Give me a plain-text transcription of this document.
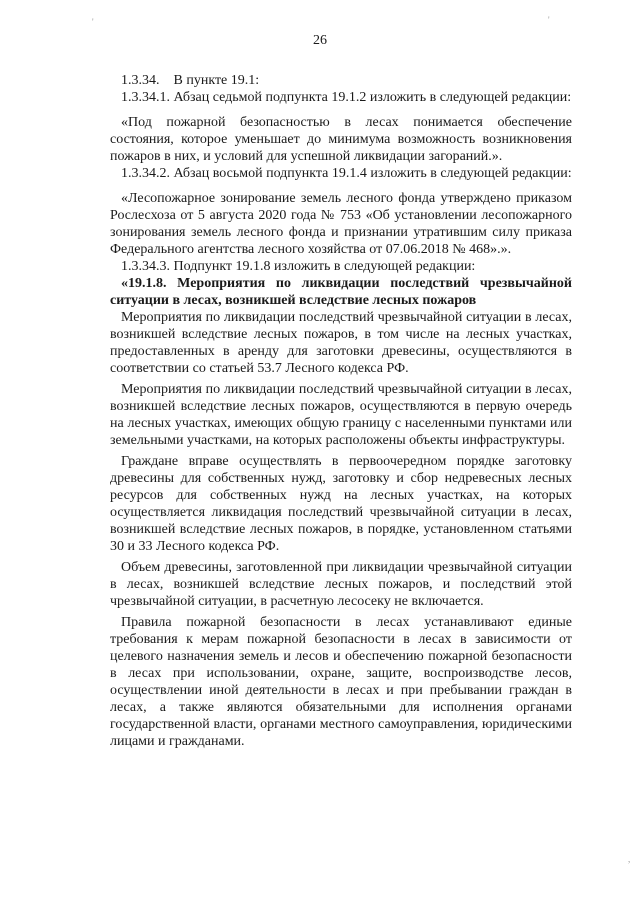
26

1.3.34.    В пункте 19.1:

1.3.34.1. Абзац седьмой подпункта 19.1.2 изложить в следующей редакции:

«Под пожарной безопасностью в лесах понимается обеспечение состояния, которое уменьшает до минимума возможность возникновения пожаров в них, и условий для успешной ликвидации загораний.».

1.3.34.2. Абзац восьмой подпункта 19.1.4 изложить в следующей редакции:

«Лесопожарное зонирование земель лесного фонда утверждено приказом Рослесхоза от 5 августа 2020 года № 753 «Об установлении лесопожарного зонирования земель лесного фонда и признании утратившим силу приказа Федерального агентства лесного хозяйства от 07.06.2018 № 468».».

1.3.34.3. Подпункт 19.1.8 изложить в следующей редакции:

«19.1.8. Мероприятия по ликвидации последствий чрезвычайной ситуации в лесах, возникшей вследствие лесных пожаров

Мероприятия по ликвидации последствий чрезвычайной ситуации в лесах, возникшей вследствие лесных пожаров, в том числе на лесных участках, предоставленных в аренду для заготовки древесины, осуществляются в соответствии со статьей 53.7 Лесного кодекса РФ.

Мероприятия по ликвидации последствий чрезвычайной ситуации в лесах, возникшей вследствие лесных пожаров, осуществляются в первую очередь на лесных участках, имеющих общую границу с населенными пунктами или земельными участками, на которых расположены объекты инфраструктуры.

Граждане вправе осуществлять в первоочередном порядке заготовку древесины для собственных нужд, заготовку и сбор недревесных лесных ресурсов для собственных нужд на лесных участках, на которых осуществляется ликвидация последствий чрезвычайной ситуации в лесах, возникшей вследствие лесных пожаров, в порядке, установленном статьями 30 и 33 Лесного кодекса РФ.

Объем древесины, заготовленной при ликвидации чрезвычайной ситуации в лесах, возникшей вследствие лесных пожаров, и последствий этой чрезвычайной ситуации, в расчетную лесосеку не включается.

Правила пожарной безопасности в лесах устанавливают единые требования к мерам пожарной безопасности в лесах в зависимости от целевого назначения земель и лесов и обеспечению пожарной безопасности в лесах при использовании, охране, защите, воспроизводстве лесов, осуществлении иной деятельности в лесах и при пребывании граждан в лесах, а также являются обязательными для исполнения органами государственной власти, органами местного самоуправления, юридическими лицами и гражданами.

'	'
,
